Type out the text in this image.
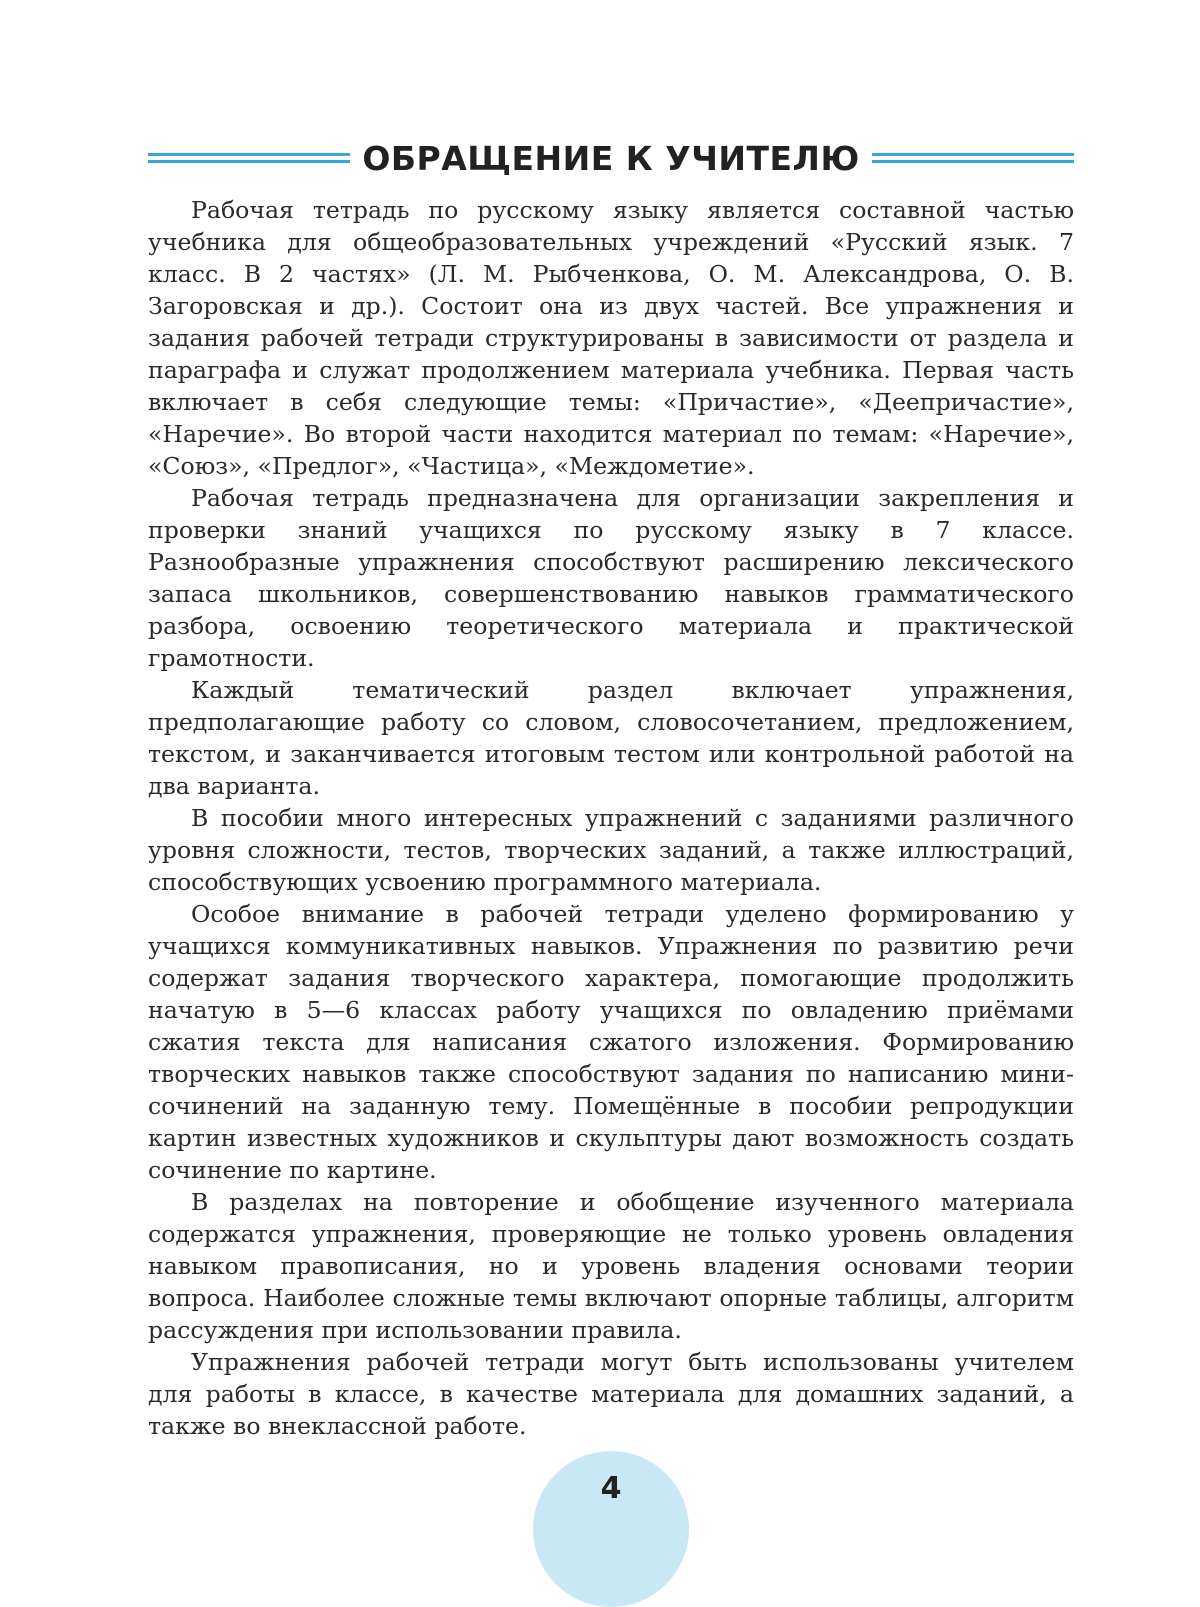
ОБРАЩЕНИЕ К УЧИТЕЛЮ

Рабочая тетрадь по русскому языку является составной частью учебника для общеобразовательных учреждений «Русский язык. 7 класс. В 2 частях» (Л. М. Рыбченкова, О. М. Александрова, О. В. Загоровская и др.). Состоит она из двух частей. Все упражнения и задания рабочей тетради структурированы в зависимости от раздела и параграфа и служат продолжением материала учебника. Первая часть включает в себя следующие темы: «Причастие», «Деепричастие», «Наречие». Во второй части находится материал по темам: «Наречие», «Союз», «Предлог», «Частица», «Междометие».

Рабочая тетрадь предназначена для организации закрепления и проверки знаний учащихся по русскому языку в 7 классе. Разнообразные упражнения способствуют расширению лексического запаса школьников, совершенствованию навыков грамматического разбора, освоению теоретического материала и практической грамотности.

Каждый тематический раздел включает упражнения, предполагающие работу со словом, словосочетанием, предложением, текстом, и заканчивается итоговым тестом или контрольной работой на два варианта.

В пособии много интересных упражнений с заданиями различного уровня сложности, тестов, творческих заданий, а также иллюстраций, способствующих усвоению программного материала.

Особое внимание в рабочей тетради уделено формированию у учащихся коммуникативных навыков. Упражнения по развитию речи содержат задания творческого характера, помогающие продолжить начатую в 5—6 классах работу учащихся по овладению приёмами сжатия текста для написания сжатого изложения. Формированию творческих навыков также способствуют задания по написанию мини-сочинений на заданную тему. Помещённые в пособии репродукции картин известных художников и скульптуры дают возможность создать сочинение по картине.

В разделах на повторение и обобщение изученного материала содержатся упражнения, проверяющие не только уровень овладения навыком правописания, но и уровень владения основами теории вопроса. Наиболее сложные темы включают опорные таблицы, алгоритм рассуждения при использовании правила.

Упражнения рабочей тетради могут быть использованы учителем для работы в классе, в качестве материала для домашних заданий, а также во внеклассной работе.

4
